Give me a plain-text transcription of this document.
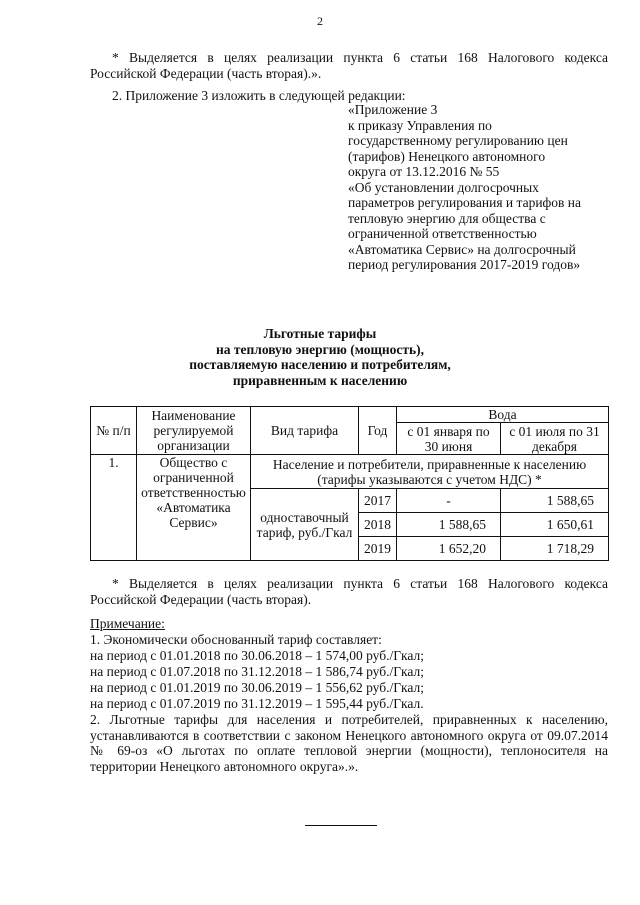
2

* Выделяется в целях реализации пункта 6 статьи 168 Налогового кодекса Российской Федерации (часть вторая).».

2. Приложение 3 изложить в следующей редакции:

«Приложение 3
к приказу Управления по
государственному регулированию цен
(тарифов) Ненецкого автономного
округа от 13.12.2016 № 55
«Об установлении долгосрочных
параметров регулирования и тарифов на
тепловую энергию для общества с
ограниченной ответственностью
«Автоматика Сервис» на долгосрочный
период регулирования 2017-2019 годов»
Льготные тарифы
на тепловую энергию (мощность),
поставляемую населению и потребителям,
приравненным к населению
№ п/п	Наименование регулируемой организации	Вид тарифа	Год	Вода	
				с 01 января по 30 июня	с 01 июля по 31 декабря
1.	Общество с ограниченной ответственностью «Автоматика Сервис»	Население и потребители, приравненные к населению (тарифы указываются с учетом НДС) *			
		одноставочный тариф, руб./Гкал	2017	-	1 588,65
			2018	1 588,65	1 650,61
			2019	1 652,20	1 718,29

* Выделяется в целях реализации пункта 6 статьи 168 Налогового кодекса Российской Федерации (часть вторая).

Примечание:
1. Экономически обоснованный тариф составляет:
на период с 01.01.2018 по 30.06.2018 – 1 574,00 руб./Гкал;
на период с 01.07.2018 по 31.12.2018 – 1 586,74 руб./Гкал;
на период с 01.01.2019 по 30.06.2019 – 1 556,62 руб./Гкал;
на период с 01.07.2019 по 31.12.2019 – 1 595,44 руб./Гкал.

2. Льготные тарифы для населения и потребителей, приравненных к населению, устанавливаются в соответствии с законом Ненецкого автономного округа от 09.07.2014 № 69-оз «О льготах по оплате тепловой энергии (мощности), теплоносителя на территории Ненецкого автономного округа».».
